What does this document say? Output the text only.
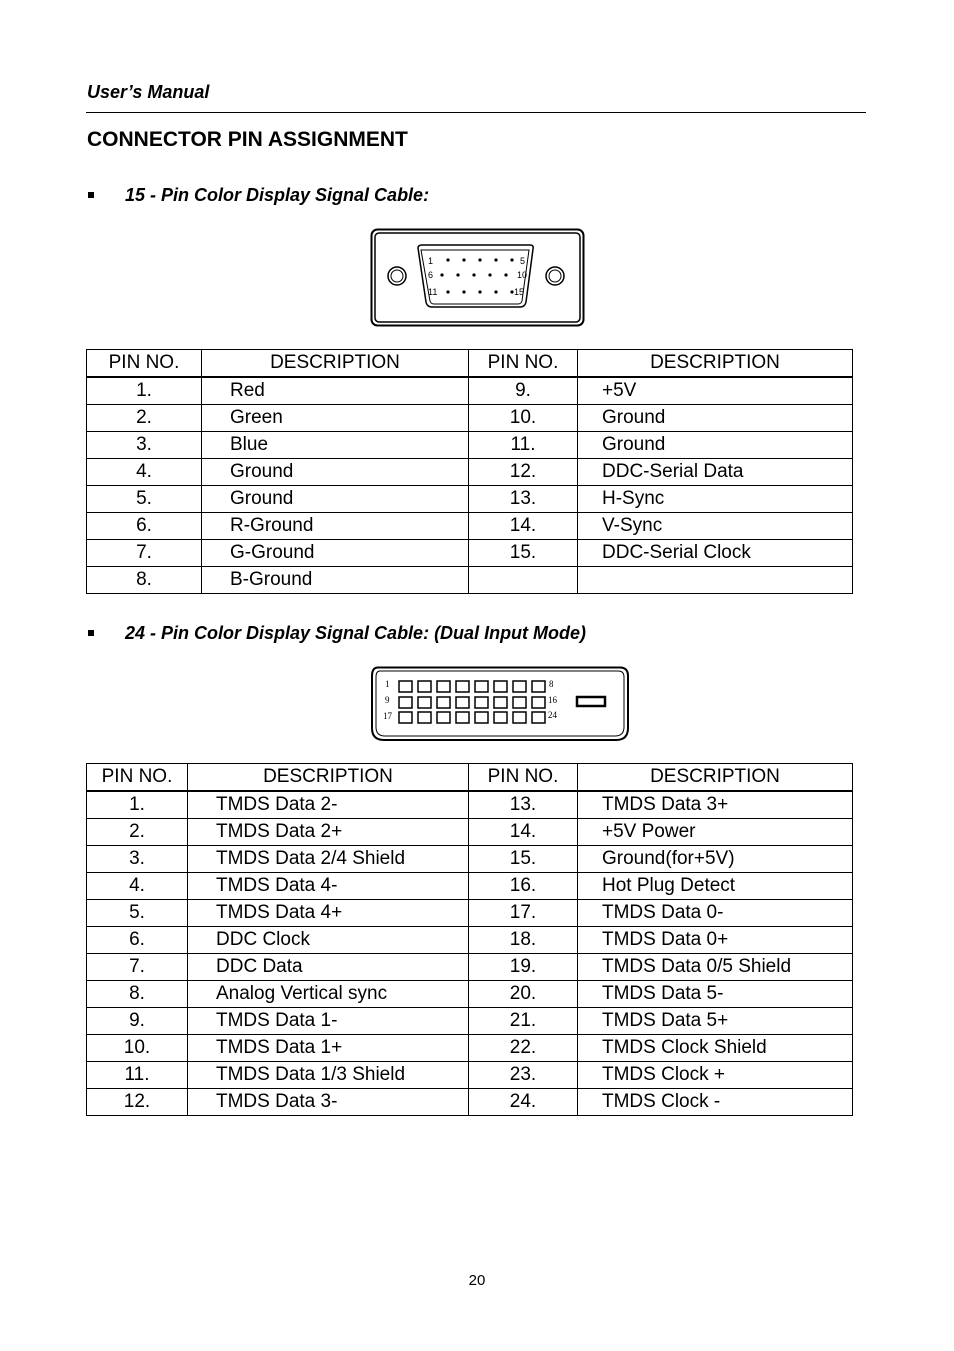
User’s Manual
CONNECTOR PIN ASSIGNMENT
15 - Pin Color Display Signal Cable:
1	5
6	10
11	15
PIN NO.	DESCRIPTION	PIN NO.	DESCRIPTION
1.	Red	9.	+5V
2.	Green	10.	Ground
3.	Blue	11.	Ground
4.	Ground	12.	DDC-Serial Data
5.	Ground	13.	H-Sync
6.	R-Ground	14.	V-Sync
7.	G-Ground	15.	DDC-Serial Clock
8.	B-Ground		
24 - Pin Color Display Signal Cable: (Dual Input Mode)
1
9
17
8
16
24
PIN NO.	DESCRIPTION	PIN NO.	DESCRIPTION
1.	TMDS Data 2-	13.	TMDS Data 3+
2.	TMDS Data 2+	14.	+5V Power
3.	TMDS Data 2/4 Shield	15.	Ground(for+5V)
4.	TMDS Data 4-	16.	Hot Plug Detect
5.	TMDS Data 4+	17.	TMDS Data 0-
6.	DDC Clock	18.	TMDS Data 0+
7.	DDC Data	19.	TMDS Data 0/5 Shield
8.	Analog Vertical sync	20.	TMDS Data 5-
9.	TMDS Data 1-	21.	TMDS Data 5+
10.	TMDS Data 1+	22.	TMDS Clock Shield
11.	TMDS Data 1/3 Shield	23.	TMDS Clock +
12.	TMDS Data 3-	24.	TMDS Clock -
20
